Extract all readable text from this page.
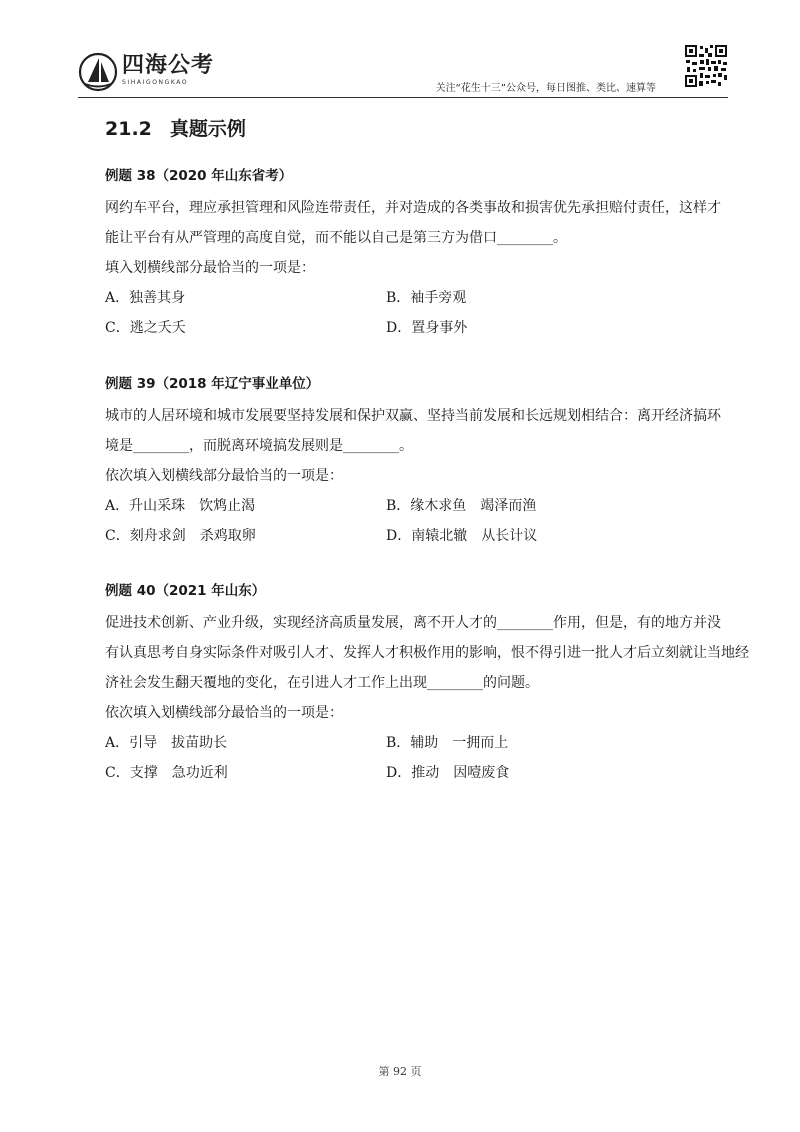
四海公考
SIHAIGONGKAO
关注“花生十三”公众号，每日图推、类比、速算等
21.2 真题示例
例题 38（2020 年山东省考）
网约车平台，理应承担管理和风险连带责任，并对造成的各类事故和损害优先承担赔付责任，这样才
能让平台有从严管理的高度自觉，而不能以自己是第三方为借口________。
填入划横线部分最恰当的一项是：
A．独善其身	B．袖手旁观
C．逃之夭夭	D．置身事外
例题 39（2018 年辽宁事业单位）
城市的人居环境和城市发展要坚持发展和保护双赢、坚持当前发展和长远规划相结合：离开经济搞环
境是________，而脱离环境搞发展则是________。
依次填入划横线部分最恰当的一项是：
A．升山采珠　饮鸩止渴	B．缘木求鱼　竭泽而渔
C．刻舟求剑　杀鸡取卵	D．南辕北辙　从长计议
例题 40（2021 年山东）
促进技术创新、产业升级，实现经济高质量发展，离不开人才的________作用，但是，有的地方并没
有认真思考自身实际条件对吸引人才、发挥人才积极作用的影响，恨不得引进一批人才后立刻就让当地经
济社会发生翻天覆地的变化，在引进人才工作上出现________的问题。
依次填入划横线部分最恰当的一项是：
A．引导　拔苗助长	B．辅助　一拥而上
C．支撑　急功近利	D．推动　因噎废食
第 92 页
